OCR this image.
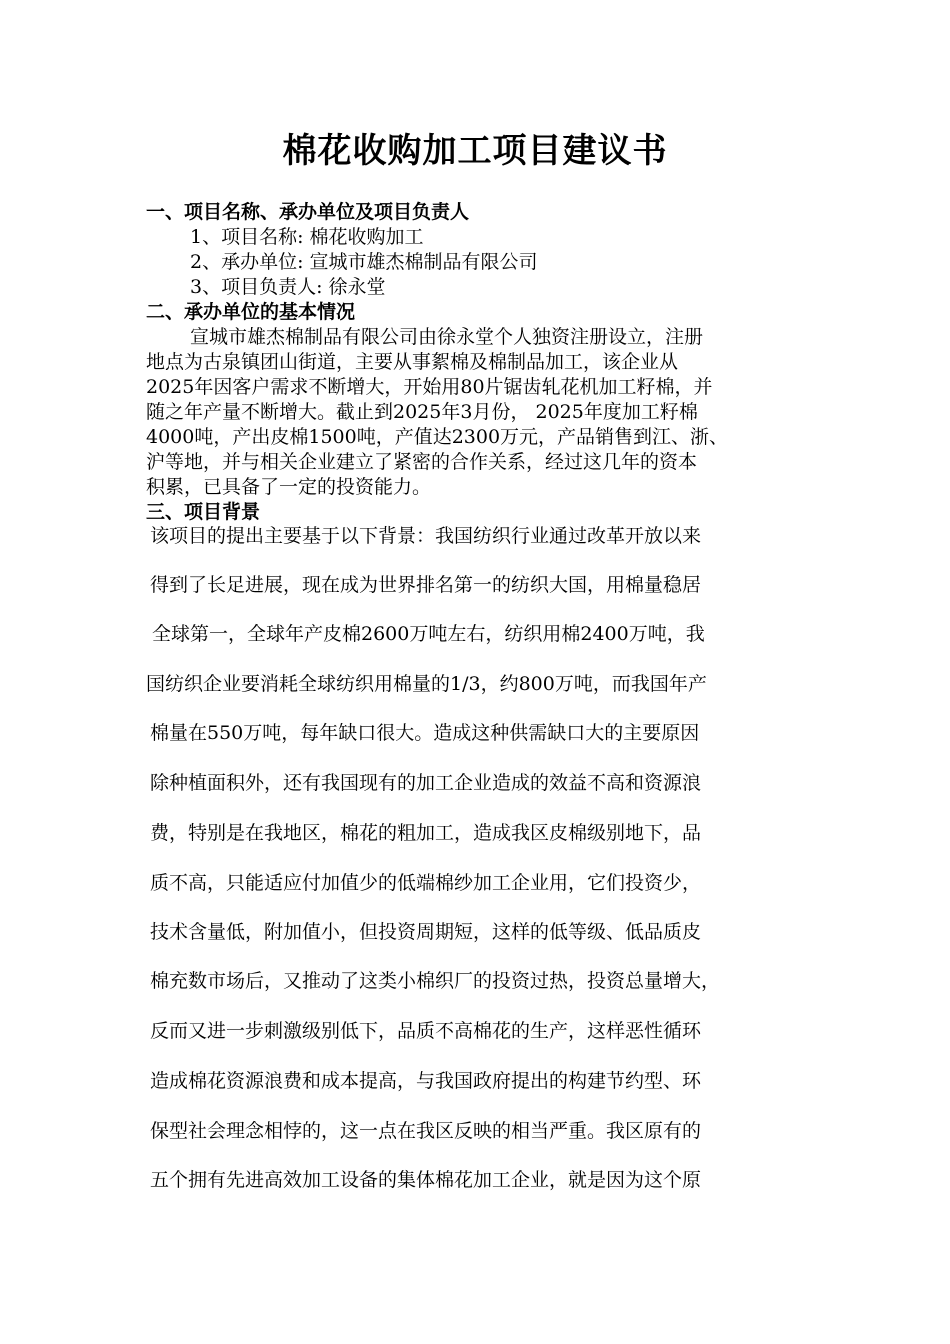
棉花收购加工项目建议书
一、项目名称、承办单位及项目负责人
1、项目名称: 棉花收购加工
2、承办单位: 宣城市雄杰棉制品有限公司
3、项目负责人: 徐永堂
二、承办单位的基本情况
宣城市雄杰棉制品有限公司由徐永堂个人独资注册设立，注册
地点为古泉镇团山街道，主要从事絮棉及棉制品加工，该企业从
2025年因客户需求不断增大，开始用80片锯齿轧花机加工籽棉，并
随之年产量不断增大。截止到2025年3月份， 2025年度加工籽棉
4000吨，产出皮棉1500吨，产值达2300万元，产品销售到江、浙、
沪等地，并与相关企业建立了紧密的合作关系，经过这几年的资本
积累，已具备了一定的投资能力。
三、项目背景
该项目的提出主要基于以下背景：我国纺织行业通过改革开放以来
得到了长足进展，现在成为世界排名第一的纺织大国，用棉量稳居
全球第一，全球年产皮棉2600万吨左右，纺织用棉2400万吨，我
国纺织企业要消耗全球纺织用棉量的1/3，约800万吨，而我国年产
棉量在550万吨，每年缺口很大。造成这种供需缺口大的主要原因
除种植面积外，还有我国现有的加工企业造成的效益不高和资源浪
费，特别是在我地区，棉花的粗加工，造成我区皮棉级别地下，品
质不高，只能适应付加值少的低端棉纱加工企业用，它们投资少，
技术含量低，附加值小，但投资周期短，这样的低等级、低品质皮
棉充数市场后，又推动了这类小棉织厂的投资过热，投资总量增大，
反而又进一步刺激级别低下，品质不高棉花的生产，这样恶性循环
造成棉花资源浪费和成本提高，与我国政府提出的构建节约型、环
保型社会理念相悖的，这一点在我区反映的相当严重。我区原有的
五个拥有先进高效加工设备的集体棉花加工企业，就是因为这个原
